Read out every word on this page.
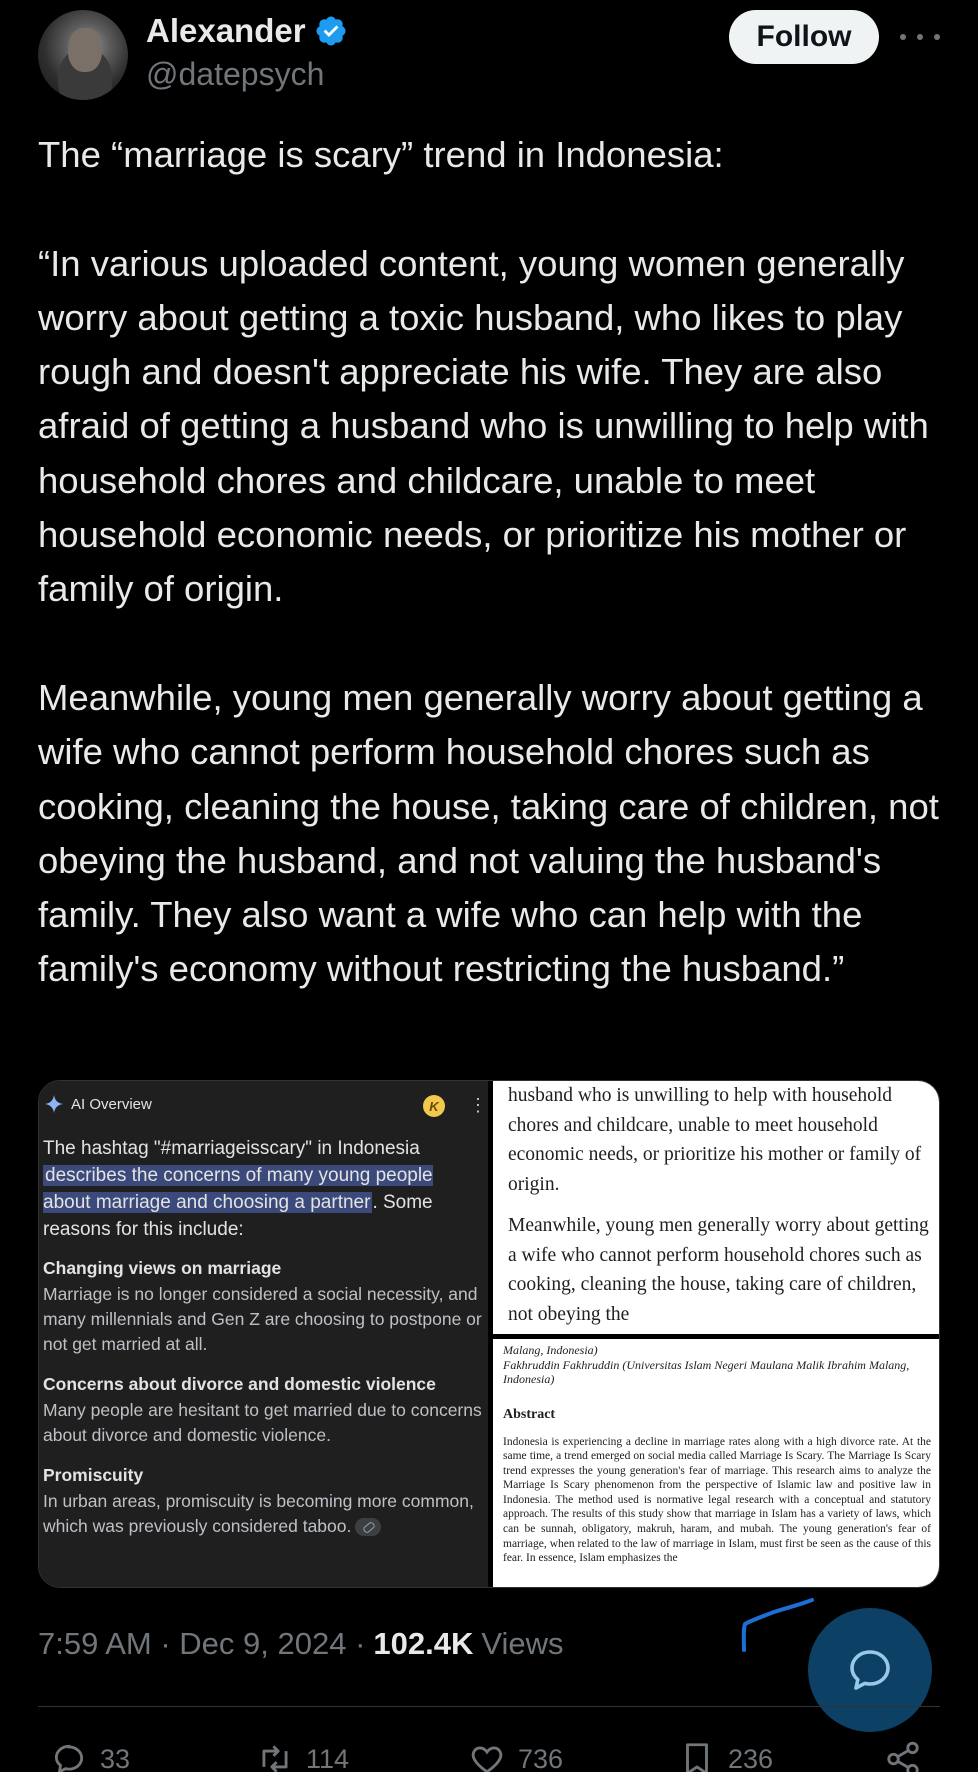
Alexander
@datepsych
Follow

The “marriage is scary” trend in Indonesia:

“In various uploaded content, young women generally worry about getting a toxic husband, who likes to play rough and doesn't appreciate his wife. They are also afraid of getting a husband who is unwilling to help with household chores and childcare, unable to meet household economic needs, or prioritize his mother or family of origin.

Meanwhile, young men generally worry about getting a wife who cannot perform household chores such as cooking, cleaning the house, taking care of children, not obeying the husband, and not valuing the husband's family. They also want a wife who can help with the family's economy without restricting the husband.”

AI Overview	K	⋮
The hashtag "#marriageisscary" in Indonesia describes the concerns of many young people about marriage and choosing a partner . Some reasons for this include:
Changing views on marriage
Marriage is no longer considered a social necessity, and many millennials and Gen Z are choosing to postpone or not get married at all.
Concerns about divorce and domestic violence
Many people are hesitant to get married due to concerns about divorce and domestic violence.
Promiscuity
In urban areas, promiscuity is becoming more common, which was previously considered taboo.

husband who is unwilling to help with household chores and childcare, unable to meet household economic needs, or prioritize his mother or family of origin.

Meanwhile, young men generally worry about getting a wife who cannot perform household chores such as cooking, cleaning the house, taking care of children, not obeying the

Malang, Indonesia)
Fakhruddin Fakhruddin (Universitas Islam Negeri Maulana Malik Ibrahim Malang, Indonesia)
Abstract
Indonesia is experiencing a decline in marriage rates along with a high divorce rate. At the same time, a trend emerged on social media called Marriage Is Scary. The Marriage Is Scary trend expresses the young generation's fear of marriage. This research aims to analyze the Marriage Is Scary phenomenon from the perspective of Islamic law and positive law in Indonesia. The method used is normative legal research with a conceptual and statutory approach. The results of this study show that marriage in Islam has a variety of laws, which can be sunnah, obligatory, makruh, haram, and mubah. The young generation's fear of marriage, when related to the law of marriage in Islam, must first be seen as the cause of this fear. In essence, Islam emphasizes the
7:59 AM · Dec 9, 2024 · 102.4K Views
33	114	736	236
